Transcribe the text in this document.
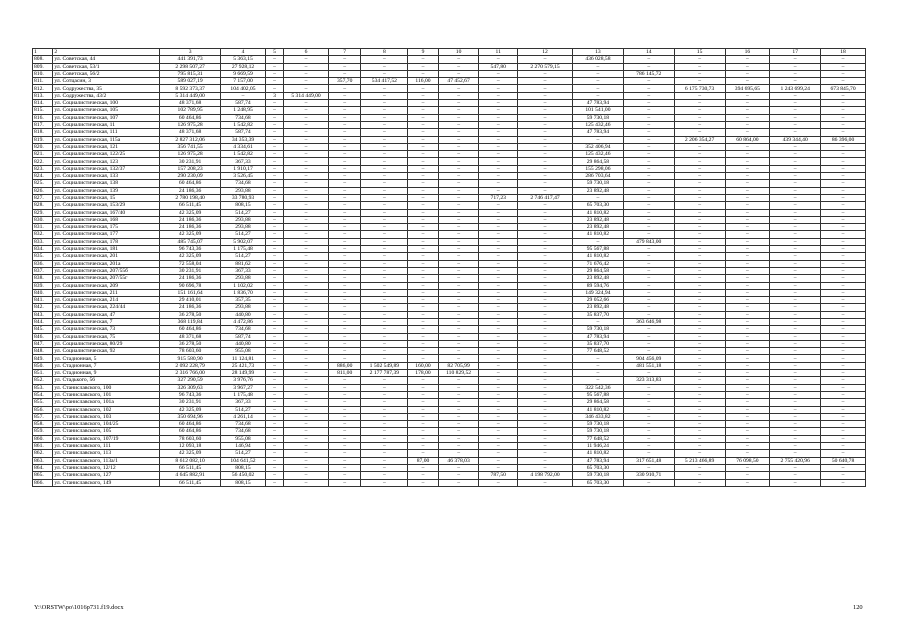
1	2	3	4	5	6	7	8	9	10	11	12	13	14	15	16	17	18
808.	ул. Советская, 44	441 391,73	5 363,15	–	–	–	–	–	–	–	–	436 028,58	–	–	–	–	–
809.	ул. Советская, 53/1	2 298 507,27	27 928,12	–	–	–	–	–	–	547,80	2 270 579,15	–	–	–	–	–	–
810.	ул. Советская, 56/2	795 815,31	9 669,59	–	–	–	–	–	–	–	–	–	786 145,72	–	–	–	–
811.	ул. Сотцасин, 3	589 027,19	7 157,00	–	–	357,70	534 417,52	116,00	47 452,67	–	–	–	–	–	–	–	–
812.	ул. Содружества, 35	8 592 373,37	104 402,05	–	–	–	–	–	–	–	–	–	–	6 175 730,73	394 695,65	1 243 699,24	673 845,70
813.	ул. Содружества, 43/2	5 314 449,00	–	3	5 314 449,00	–	–	–	–	–	–	–	–	–	–	–	–
814.	ул. Социалистическая, 100	48 371,68	587,74	–	–	–	–	–	–	–	–	47 783,94	–	–	–	–	–
815.	ул. Социалистическая, 105	102 789,95	1 248,95	–	–	–	–	–	–	–	–	101 541,00	–	–	–	–	–
816.	ул. Социалистическая, 107	60 464,86	734,68	–	–	–	–	–	–	–	–	59 730,18	–	–	–	–	–
817.	ул. Социалистическая, 11	126 975,28	1 542,82	–	–	–	–	–	–	–	–	125 432,46	–	–	–	–	–
818.	ул. Социалистическая, 111	48 371,68	587,74	–	–	–	–	–	–	–	–	47 783,94	–	–	–	–	–
819.	ул. Социалистическая, 115а	2 827 312,06	34 353,39	–	–	–	–	–	–	–	–	–	–	2 206 354,27	60 864,00	439 344,40	86 396,00
820.	ул. Социалистическая, 121	356 741,55	4 334,61	–	–	–	–	–	–	–	–	352 406,94	–	–	–	–	–
821.	ул. Социалистическая, 122/25	126 975,28	1 542,82	–	–	–	–	–	–	–	–	125 432,46	–	–	–	–	–
822.	ул. Социалистическая, 123	30 231,91	367,33	–	–	–	–	–	–	–	–	29 864,58	–	–	–	–	–
823.	ул. Социалистическая, 132/37	157 208,23	1 910,17	–	–	–	–	–	–	–	–	155 298,06	–	–	–	–	–
824.	ул. Социалистическая, 133	290 230,09	3 526,45	–	–	–	–	–	–	–	–	286 703,64	–	–	–	–	–
825.	ул. Социалистическая, 138	60 464,86	734,68	–	–	–	–	–	–	–	–	59 730,18	–	–	–	–	–
826.	ул. Социалистическая, 139	24 186,36	293,88	–	–	–	–	–	–	–	–	23 892,48	–	–	–	–	–
827.	ул. Социалистическая, 15	2 780 198,40	33 780,93	–	–	–	–	–	–	717,23	2 746 417,47	–	–	–	–	–	–
828.	ул. Социалистическая, 153/29	66 511,45	808,15	–	–	–	–	–	–	–	–	65 703,30	–	–	–	–	–
829.	ул. Социалистическая, 167/40	42 325,09	514,27	–	–	–	–	–	–	–	–	41 810,82	–	–	–	–	–
830.	ул. Социалистическая, 168	24 186,36	293,88	–	–	–	–	–	–	–	–	23 892,48	–	–	–	–	–
831.	ул. Социалистическая, 175	24 186,36	293,88	–	–	–	–	–	–	–	–	23 892,48	–	–	–	–	–
832.	ул. Социалистическая, 177	42 325,09	514,27	–	–	–	–	–	–	–	–	41 810,82	–	–	–	–	–
833.	ул. Социалистическая, 178	485 745,07	5 902,07	–	–	–	–	–	–	–	–	–	479 843,00	–	–	–	–
834.	ул. Социалистическая, 181	96 743,36	1 175,48	–	–	–	–	–	–	–	–	95 567,88	–	–	–	–	–
835.	ул. Социалистическая, 201	42 325,09	514,27	–	–	–	–	–	–	–	–	41 810,82	–	–	–	–	–
836.	ул. Социалистическая, 201а	72 558,04	881,62	–	–	–	–	–	–	–	–	71 676,42	–	–	–	–	–
837.	ул. Социалистическая, 207/55б	30 231,91	367,33	–	–	–	–	–	–	–	–	29 864,58	–	–	–	–	–
838.	ул. Социалистическая, 207/55г	24 186,36	293,88	–	–	–	–	–	–	–	–	23 892,48	–	–	–	–	–
839.	ул. Социалистическая, 209	90 696,78	1 102,02	–	–	–	–	–	–	–	–	89 594,76	–	–	–	–	–
840.	ул. Социалистическая, 211	151 161,64	1 836,70	–	–	–	–	–	–	–	–	149 324,94	–	–	–	–	–
841.	ул. Социалистическая, 214	29 410,01	357,35	–	–	–	–	–	–	–	–	29 052,66	–	–	–	–	–
842.	ул. Социалистическая, 224/44	24 186,36	293,88	–	–	–	–	–	–	–	–	23 892,48	–	–	–	–	–
843.	ул. Социалистическая, 47	36 278,50	440,80	–	–	–	–	–	–	–	–	35 837,70	–	–	–	–	–
844.	ул. Социалистическая, 7	368 119,84	4 472,86	–	–	–	–	–	–	–	–	–	363 646,98	–	–	–	–
845.	ул. Социалистическая, 73	60 464,86	734,68	–	–	–	–	–	–	–	–	59 730,18	–	–	–	–	–
846.	ул. Социалистическая, 75	48 371,68	587,74	–	–	–	–	–	–	–	–	47 783,94	–	–	–	–	–
847.	ул. Социалистическая, 80/29	36 278,50	440,80	–	–	–	–	–	–	–	–	35 837,70	–	–	–	–	–
848.	ул. Социалистическая, 92	78 603,60	955,08	–	–	–	–	–	–	–	–	77 648,52	–	–	–	–	–
849.	ул. Стадионная, 5	915 580,90	11 124,81	–	–	–	–	–	–	–	–	–	904 456,09	–	–	–	–
850.	ул. Стадионная, 7	2 092 228,79	25 421,73	–	–	886,00	1 502 549,89	160,00	82 705,99	–	–	–	481 551,18	–	–	–	–
851.	ул. Стадионная, 9	2 316 766,00	28 149,99	–	–	811,00	2 177 787,39	178,00	110 829,52	–	–	–	–	–	–	–	–
852.	ул. Стадького, 56	327 290,59	3 976,76	–	–	–	–	–	–	–	–	–	323 313,83	–	–	–	–
853.	ул. Станиславского, 100	326 309,63	3 967,27	–	–	–	–	–	–	–	–	322 542,36	–	–	–	–	–
854.	ул. Станиславского, 101	96 743,36	1 175,48	–	–	–	–	–	–	–	–	95 567,88	–	–	–	–	–
855.	ул. Станиславского, 101а	30 231,91	367,33	–	–	–	–	–	–	–	–	29 864,58	–	–	–	–	–
856.	ул. Станиславского, 102	42 325,09	514,27	–	–	–	–	–	–	–	–	41 810,82	–	–	–	–	–
857.	ул. Станиславского, 103	350 694,96	4 261,14	–	–	–	–	–	–	–	–	346 433,82	–	–	–	–	–
858.	ул. Станиславского, 104/25	60 464,86	734,68	–	–	–	–	–	–	–	–	59 730,18	–	–	–	–	–
859.	ул. Станиславского, 105	60 464,86	734,68	–	–	–	–	–	–	–	–	59 730,18	–	–	–	–	–
860.	ул. Станиславского, 107/19	78 603,60	955,08	–	–	–	–	–	–	–	–	77 648,52	–	–	–	–	–
861.	ул. Станиславского, 111	12 093,18	146,94	–	–	–	–	–	–	–	–	11 946,24	–	–	–	–	–
862.	ул. Станиславского, 113	42 325,09	514,27	–	–	–	–	–	–	–	–	41 810,82	–	–	–	–	–
863.	ул. Станиславского, 113а/1	8 612 082,10	104 641,52	–	–	–	–	87,00	46 378,03	–	–	47 783,94	317 651,48	5 213 466,89	76 098,50	2 755 420,96	50 640,78
864.	ул. Станиславского, 12/12	66 511,45	808,15	–	–	–	–	–	–	–	–	65 703,30	–	–	–	–	–
865.	ул. Станиславского, 127	4 645 882,91	56 450,02	–	–	–	–	–	–	787,50	4 198 792,00	59 730,18	330 910,71	–	–	–	–
866.	ул. Станиславского, 149	66 511,45	808,15	–	–	–	–	–	–	–	–	65 703,30	–	–	–	–	–
Y:\ORSTW\po\1016p731.f19.docx	120
